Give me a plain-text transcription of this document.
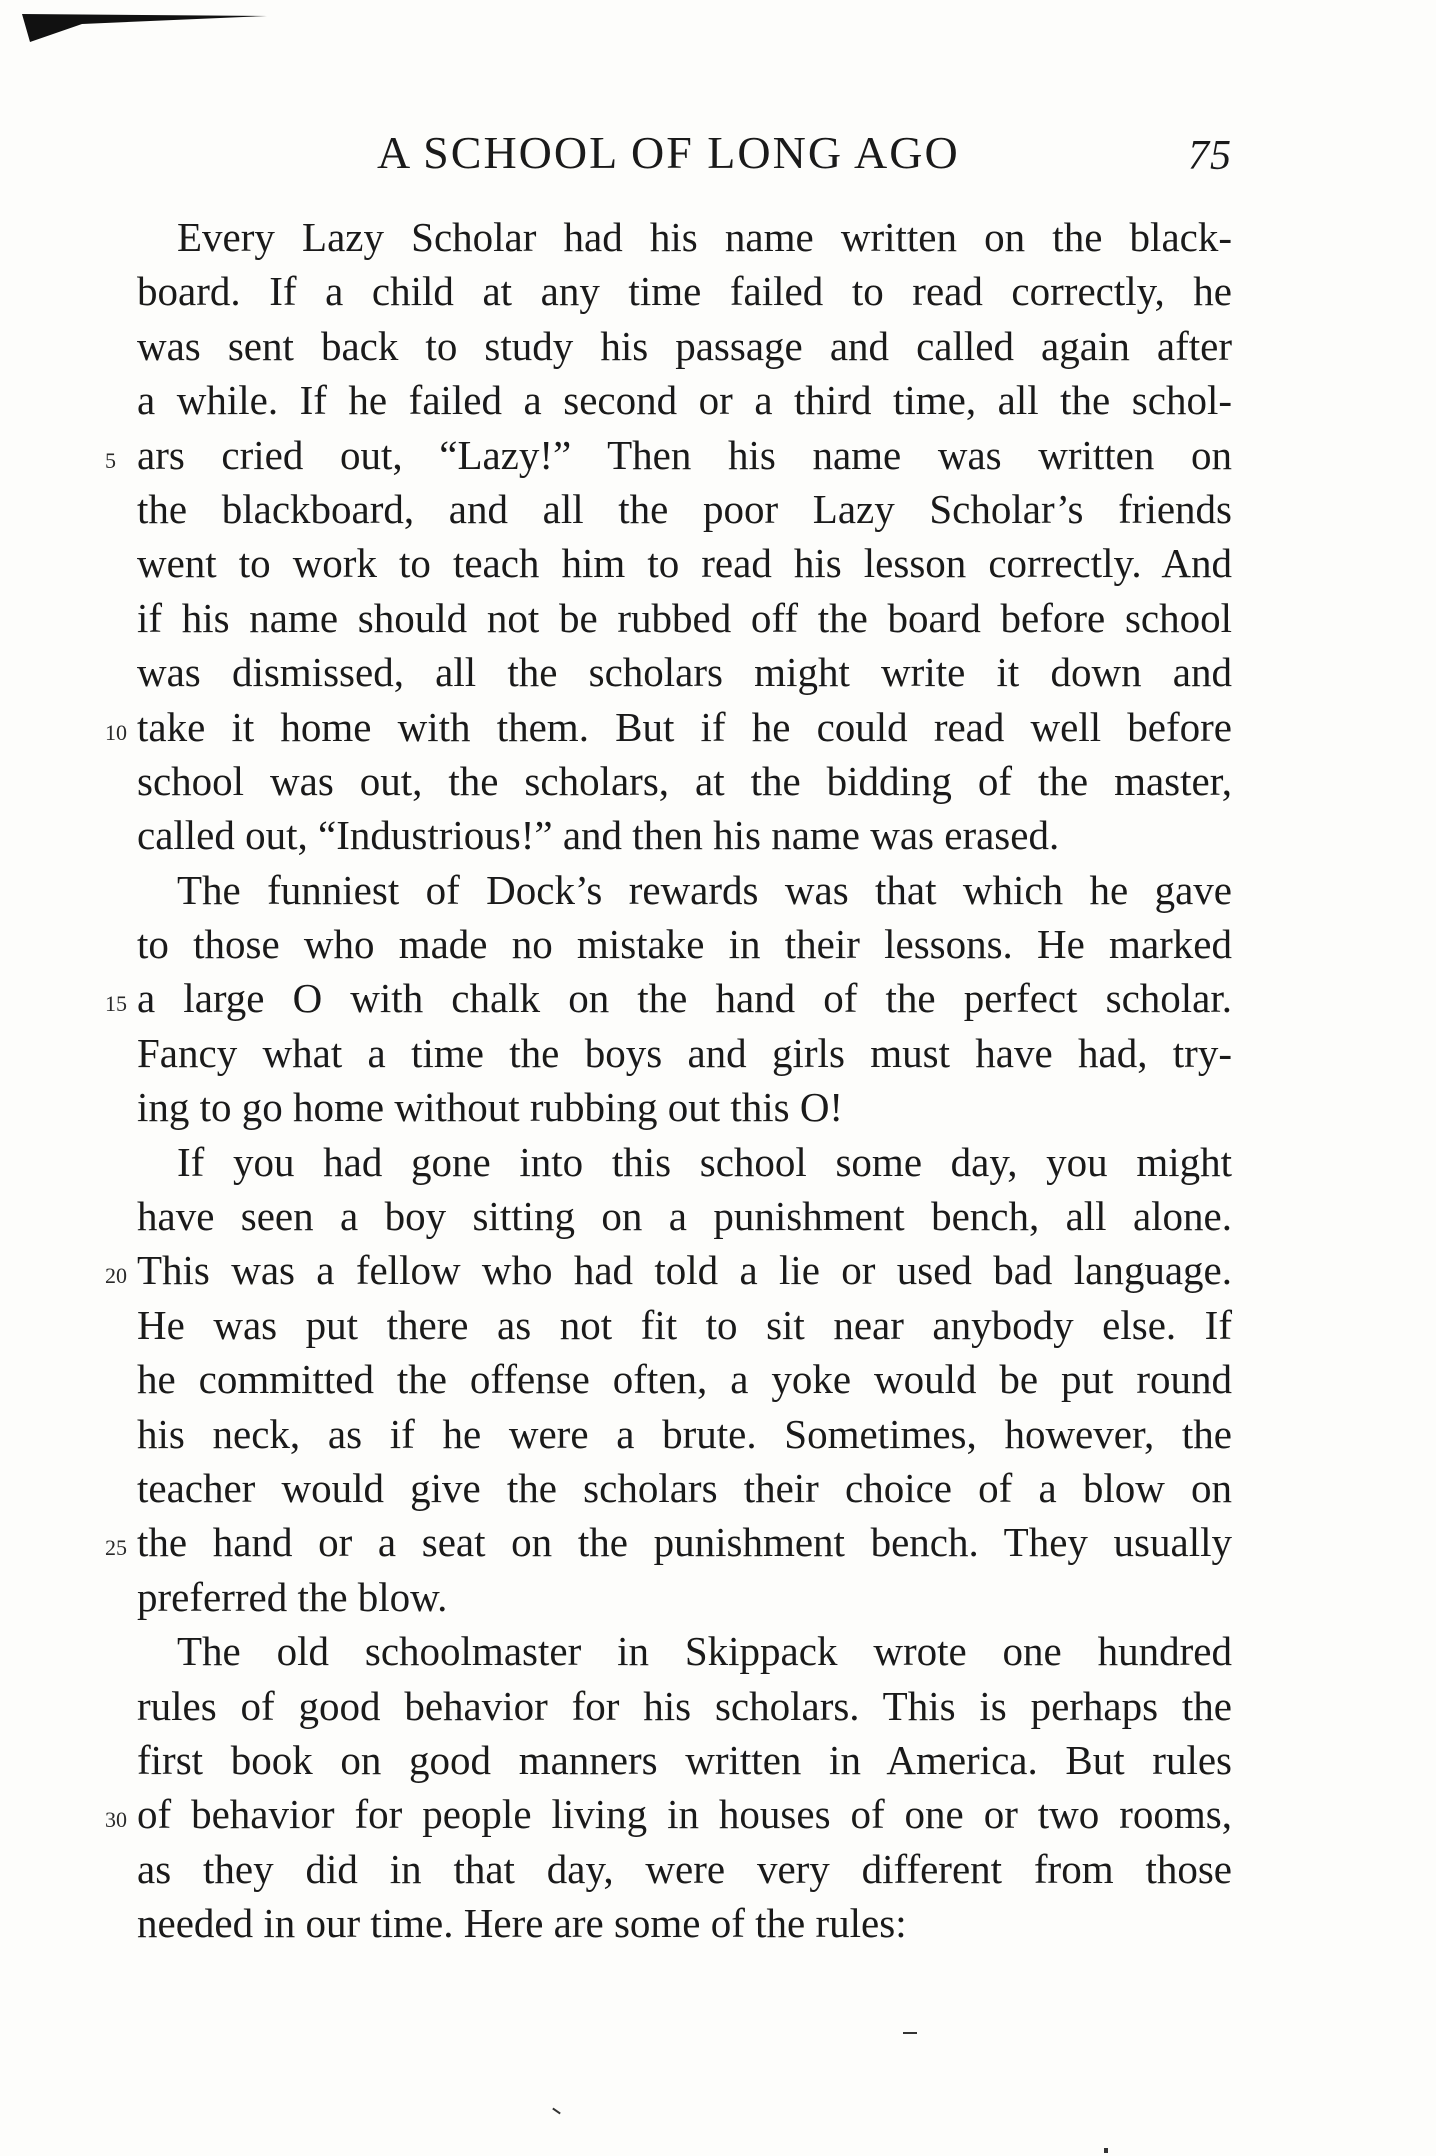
A SCHOOL OF LONG AGO	75
Every Lazy Scholar had his name written on the black-
board. If a child at any time failed to read correctly, he
was sent back to study his passage and called again after
a while. If he failed a second or a third time, all the schol-
5 ars cried out, “Lazy!” Then his name was written on
the blackboard, and all the poor Lazy Scholar’s friends
went to work to teach him to read his lesson correctly. And
if his name should not be rubbed off the board before school
was dismissed, all the scholars might write it down and
10 take it home with them. But if he could read well before
school was out, the scholars, at the bidding of the master,
called out, “Industrious!” and then his name was erased.
The funniest of Dock’s rewards was that which he gave
to those who made no mistake in their lessons. He marked
15 a large O with chalk on the hand of the perfect scholar.
Fancy what a time the boys and girls must have had, try-
ing to go home without rubbing out this O!
If you had gone into this school some day, you might
have seen a boy sitting on a punishment bench, all alone.
20 This was a fellow who had told a lie or used bad language.
He was put there as not fit to sit near anybody else. If
he committed the offense often, a yoke would be put round
his neck, as if he were a brute. Sometimes, however, the
teacher would give the scholars their choice of a blow on
25 the hand or a seat on the punishment bench. They usually
preferred the blow.
The old schoolmaster in Skippack wrote one hundred
rules of good behavior for his scholars. This is perhaps the
first book on good manners written in America. But rules
30 of behavior for people living in houses of one or two rooms,
as they did in that day, were very different from those
needed in our time. Here are some of the rules:
